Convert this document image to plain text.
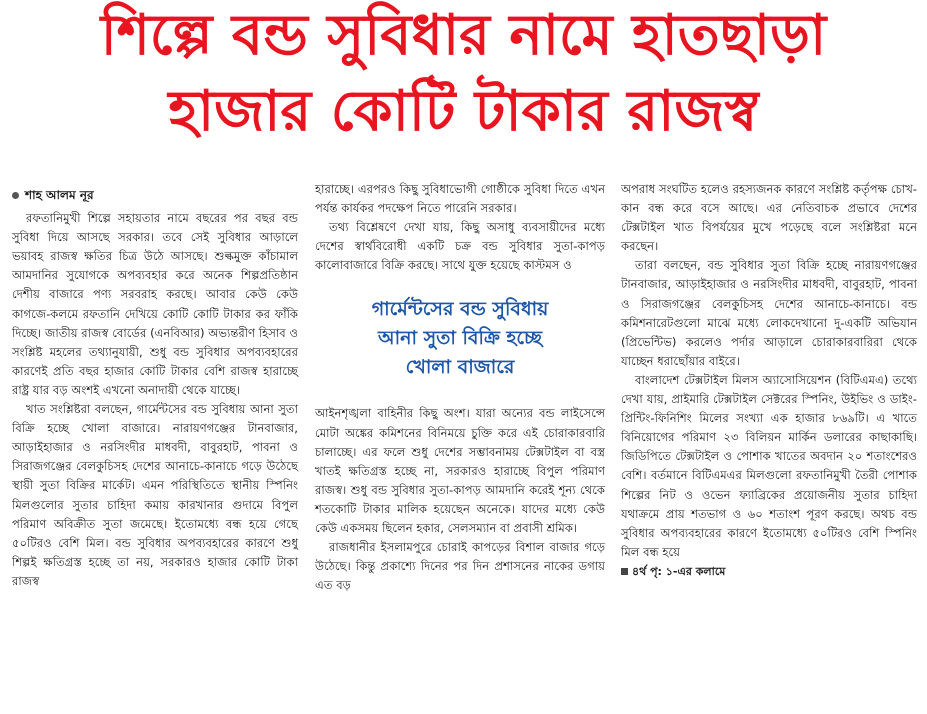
শিল্পে বন্ড সুবিধার নামে হাতছাড়া
হাজার কোটি টাকার রাজস্ব
শাহ আলম নূর

রফতানিমুখী শিল্পে সহায়তার নামে বছরের পর বছর বন্ড সুবিধা দিয়ে আসছে সরকার। তবে সেই সুবিধার আড়ালে ভয়াবহ রাজস্ব ক্ষতির চিত্র উঠে আসছে। শুল্কমুক্ত কাঁচামাল আমদানির সুযোগকে অপব্যবহার করে অনেক শিল্পপ্রতিষ্ঠান দেশীয় বাজারে পণ্য সরবরাহ করছে। আবার কেউ কেউ কাগজে-কলমে রফতানি দেখিয়ে কোটি কোটি টাকার কর ফাঁকি দিচ্ছে। জাতীয় রাজস্ব বোর্ডের (এনবিআর) অভ্যন্তরীণ হিসাব ও সংশ্লিষ্ট মহলের তথ্যানুযায়ী, শুধু বন্ড সুবিধার অপব্যবহারের কারণেই প্রতি বছর হাজার কোটি টাকার বেশি রাজস্ব হারাচ্ছে রাষ্ট্র যার বড় অংশই এখনো অনাদায়ী থেকে যাচ্ছে।

খাত সংশ্লিষ্টরা বলছেন, গার্মেন্টসের বন্ড সুবিধায় আনা সুতা বিক্রি হচ্ছে খোলা বাজারে। নারায়ণগঞ্জের টানবাজার, আড়াইহাজার ও নরসিংদীর মাধবদী, বাবুরহাট, পাবনা ও সিরাজগঞ্জের বেলকুচিসহ দেশের আনাচে-কানাচে গড়ে উঠেছে স্থায়ী সুতা বিক্রির মার্কেট। এমন পরিস্থিতিতে স্থানীয় স্পিনিং মিলগুলোর সুতার চাহিদা কমায় কারখানার গুদামে বিপুল পরিমাণ অবিক্রীত সুতা জমেছে। ইতোমধ্যে বন্ধ হয়ে গেছে ৫০টিরও বেশি মিল। বন্ড সুবিধার অপব্যবহারের কারণে শুধু শিল্পই ক্ষতিগ্রস্ত হচ্ছে তা নয়, সরকারও হাজার কোটি টাকা রাজস্ব

হারাচ্ছে। এরপরও কিছু সুবিধাভোগী গোষ্ঠীকে সুবিধা দিতে এখন পর্যন্ত কার্যকর পদক্ষেপ নিতে পারেনি সরকার।

তথ্য বিশ্লেষণে দেখা যায়, কিছু অসাধু ব্যবসায়ীদের মধ্যে দেশের স্বার্থবিরোধী একটি চক্র বন্ড সুবিধার সুতা-কাপড় কালোবাজারে বিক্রি করছে। সাথে যুক্ত হয়েছে কাস্টমস ও

গার্মেন্টসের বন্ড সুবিধায়
আনা সুতা বিক্রি হচ্ছে
খোলা বাজারে

আইনশৃঙ্খলা বাহিনীর কিছু অংশ। যারা অন্যের বন্ড লাইসেন্সে মোটা অঙ্কের কমিশনের বিনিময়ে চুক্তি করে এই চোরাকারবারি চালাচ্ছে। এর ফলে শুধু দেশের সম্ভাবনাময় টেক্সটাইল বা বস্ত্র খাতই ক্ষতিগ্রস্ত হচ্ছে না, সরকারও হারাচ্ছে বিপুল পরিমাণ রাজস্ব। শুধু বন্ড সুবিধার সুতা-কাপড় আমদানি করেই শূন্য থেকে শতকোটি টাকার মালিক হয়েছেন অনেকে। যাদের মধ্যে কেউ কেউ একসময় ছিলেন হকার, সেলসম্যান বা প্রবাসী শ্রমিক।

রাজধানীর ইসলামপুরে চোরাই কাপড়ের বিশাল বাজার গড়ে উঠেছে। কিন্তু প্রকাশ্যে দিনের পর দিন প্রশাসনের নাকের ডগায় এত বড়

অপরাধ সংঘটিত হলেও রহস্যজনক কারণে সংশ্লিষ্ট কর্তৃপক্ষ চোখ-কান বন্ধ করে বসে আছে। এর নেতিবাচক প্রভাবে দেশের টেক্সটাইল খাত বিপর্যয়ের মুখে পড়েছে বলে সংশ্লিষ্টরা মনে করছেন।

তারা বলছেন, বন্ড সুবিধার সুতা বিক্রি হচ্ছে নারায়ণগঞ্জের টানবাজার, আড়াইহাজার ও নরসিংদীর মাধবদী, বাবুরহাট, পাবনা ও সিরাজগঞ্জের বেলকুচিসহ দেশের আনাচে-কানাচে। বন্ড কমিশনারেটগুলো মাঝে মধ্যে লোকদেখানো দু-একটি অভিযান (প্রিভেন্টিভ) করলেও পর্দার আড়ালে চোরাকারবারিরা থেকে যাচ্ছেন ধরাছোঁয়ার বাইরে।

বাংলাদেশ টেক্সটাইল মিলস অ্যাসোসিয়েশন (বিটিএমএ) তথ্যে দেখা যায়, প্রাইমারি টেক্সটাইল সেক্টরের স্পিনিং, উইভিং ও ডাইং-প্রিন্টিং-ফিনিশিং মিলের সংখ্যা এক হাজার ৮৬৯টি। এ খাতে বিনিয়োগের পরিমাণ ২৩ বিলিয়ন মার্কিন ডলারের কাছাকাছি। জিডিপিতে টেক্সটাইল ও পোশাক খাতের অবদান ২০ শতাংশেরও বেশি। বর্তমানে বিটিএমএর মিলগুলো রফতানিমুখী তৈরী পোশাক শিল্পের নিট ও ওভেন ফ্যাব্রিকের প্রয়োজনীয় সুতার চাহিদা যথাক্রমে প্রায় শতভাগ ও ৬০ শতাংশ পূরণ করছে। অথচ বন্ড সুবিধার অপব্যবহারের কারণে ইতোমধ্যে ৫০টিরও বেশি স্পিনিং মিল বন্ধ হয়ে

৪র্থ পৃ: ১-এর কলামে
